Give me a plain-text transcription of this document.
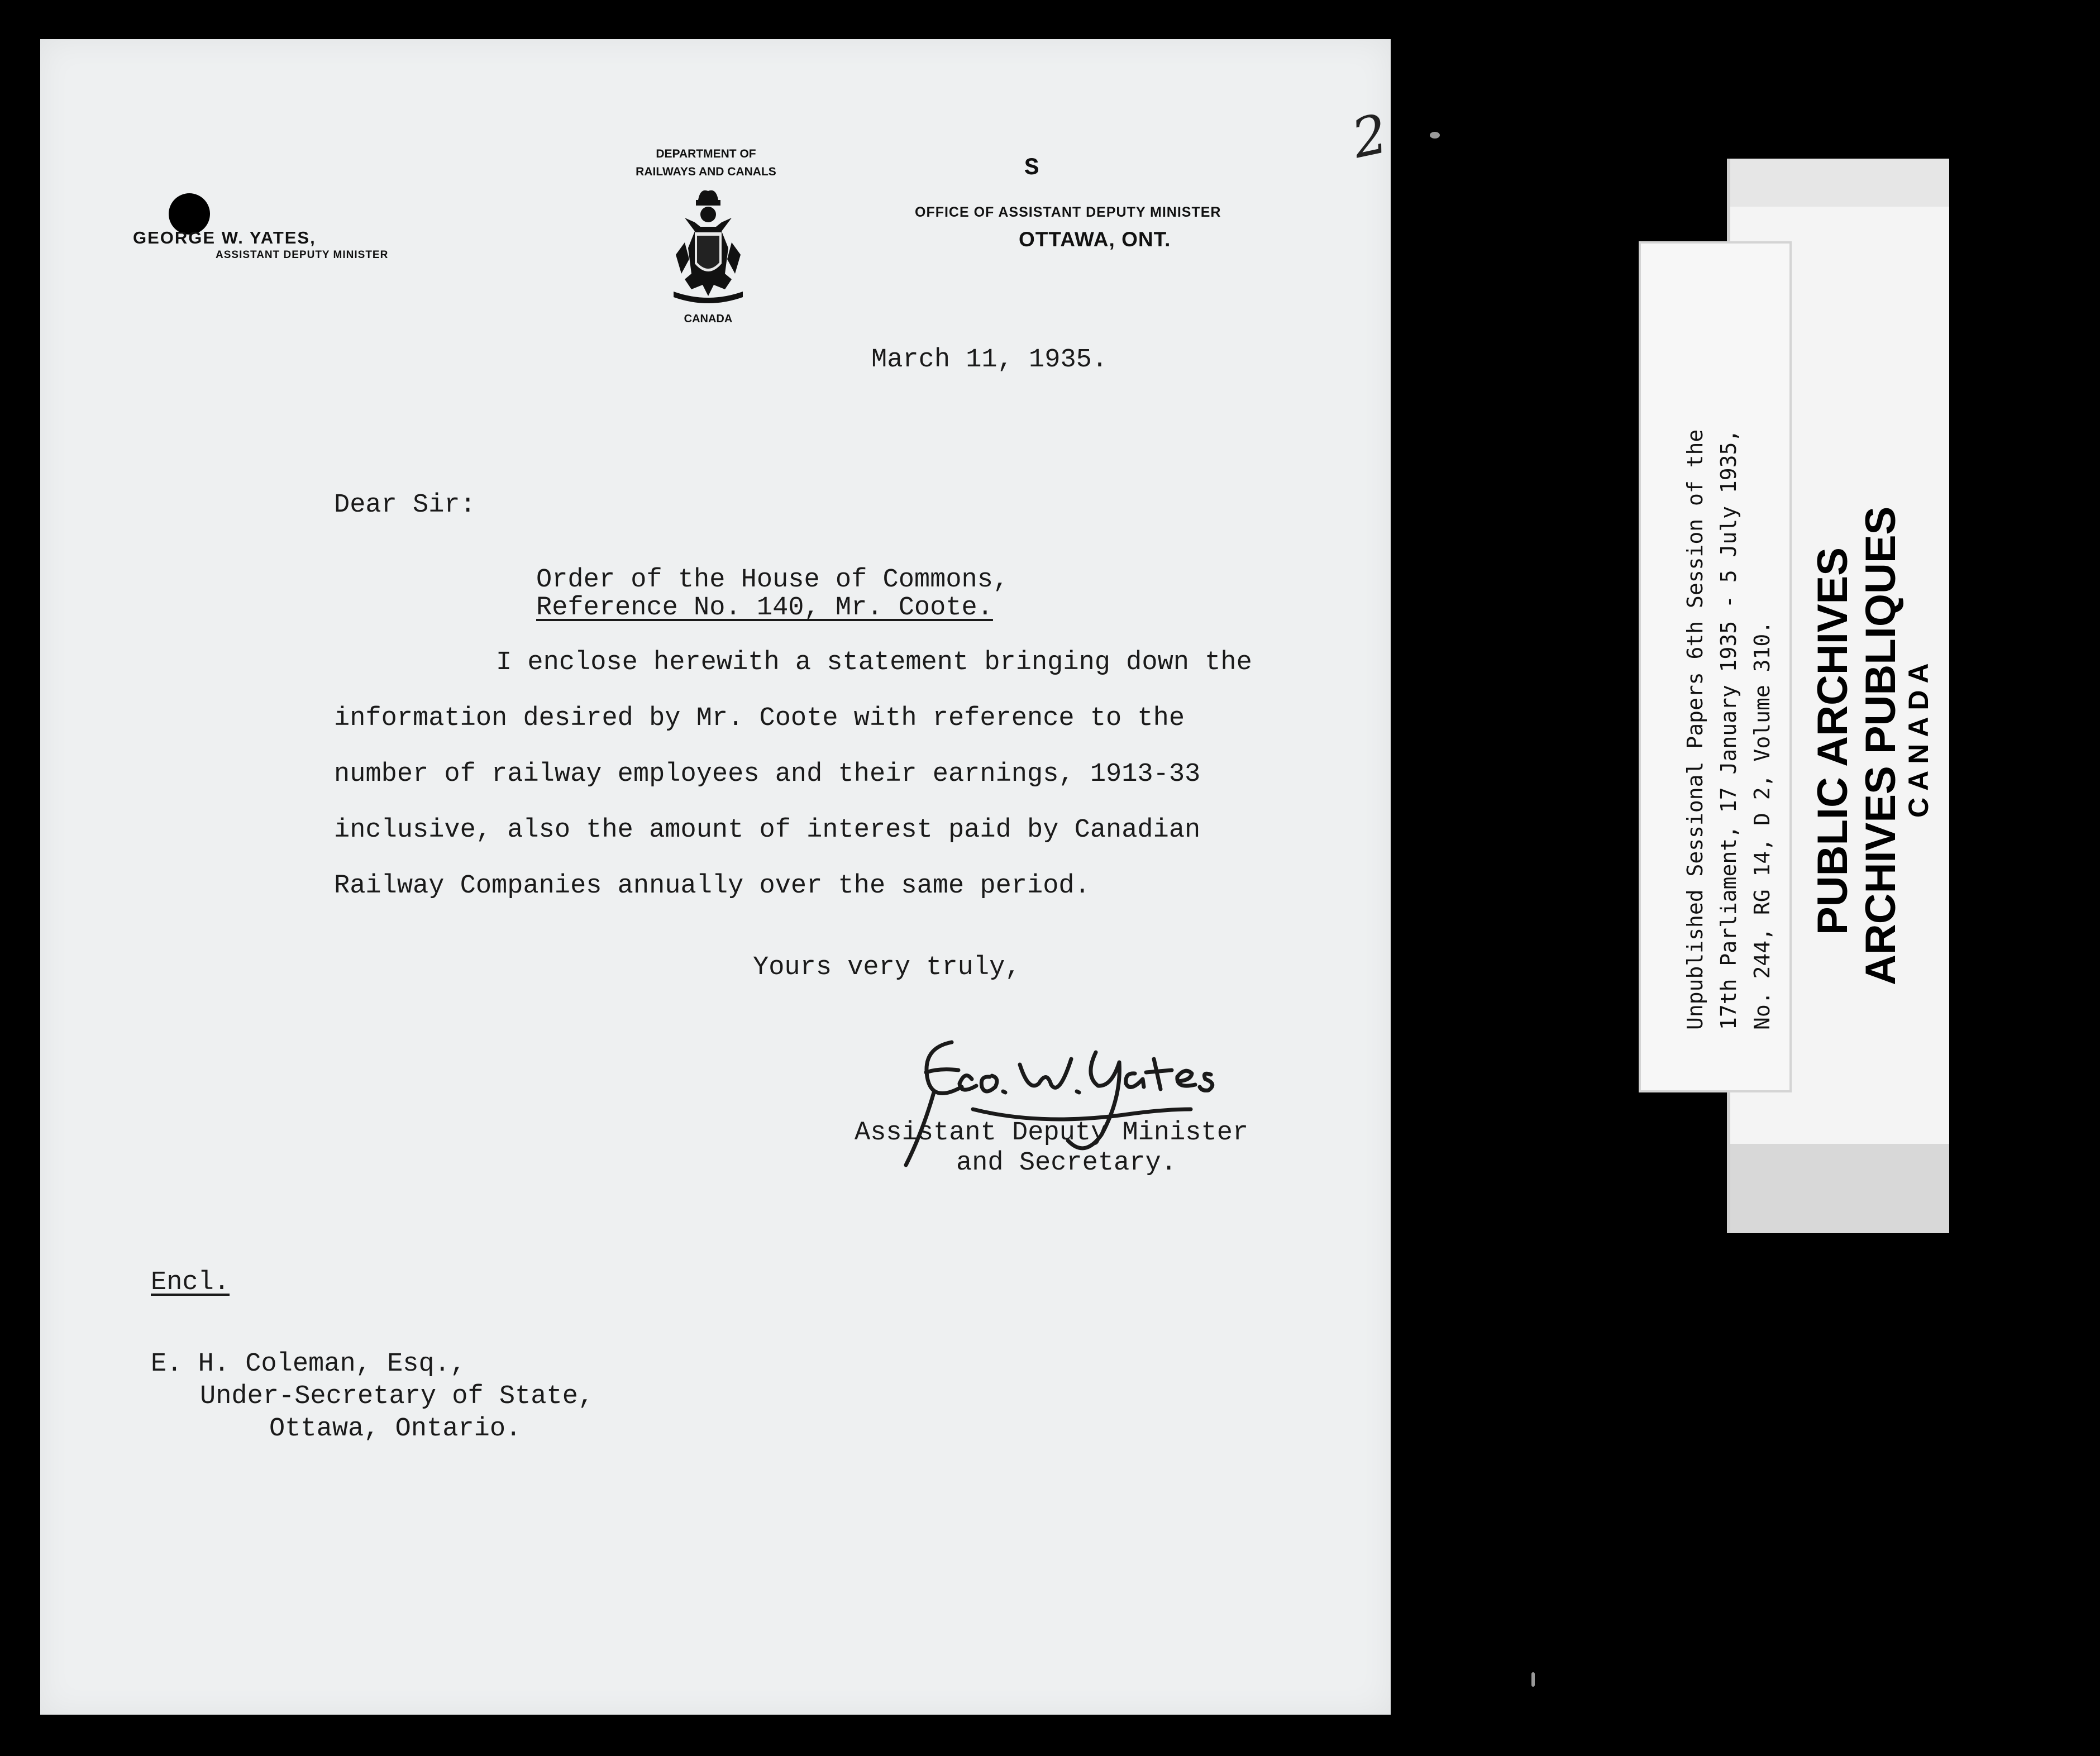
2
GEORGE W. YATES,
ASSISTANT DEPUTY MINISTER
DEPARTMENT OF
RAILWAYS AND CANALS
CANADA
S
OFFICE OF ASSISTANT DEPUTY MINISTER
OTTAWA, ONT.
March 11, 1935.
Dear Sir:
Order of the House of Commons,
Reference No. 140, Mr. Coote.
I enclose herewith a statement bringing down the
information desired by Mr. Coote with reference to the
number of railway employees and their earnings, 1913-33
inclusive, also the amount of interest paid by Canadian
Railway Companies annually over the same period.
Yours very truly,
Assistant Deputy Minister
and Secretary.
Encl.
E. H. Coleman, Esq.,
Under-Secretary of State,
Ottawa, Ontario.
PUBLIC ARCHIVES ARCHIVES PUBLIQUES
CANADA
Unpublished Sessional Papers 6th Session of the 17th Parliament, 17 January 1935 - 5 July 1935, No. 244, RG 14, D 2, Volume 310.
